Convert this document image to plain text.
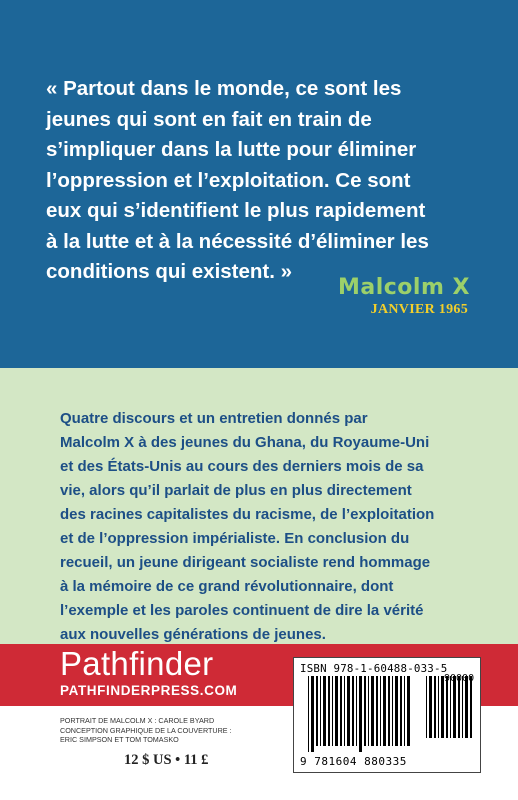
« Partout dans le monde, ce sont les
jeunes qui sont en fait en train de
s’impliquer dans la lutte pour éliminer
l’oppression et l’exploitation. Ce sont
eux qui s’identifient le plus rapidement
à la lutte et à la nécessité d’éliminer les
conditions qui existent. »

Malcolm X
JANVIER 1965

Quatre discours et un entretien donnés par
Malcolm X à des jeunes du Ghana, du Royaume-Uni
et des États-Unis au cours des derniers mois de sa
vie, alors qu’il parlait de plus en plus directement
des racines capitalistes du racisme, de l’exploitation
et de l’oppression impérialiste. En conclusion du
recueil, un jeune dirigeant socialiste rend hommage
à la mémoire de ce grand révolutionnaire, dont
l’exemple et les paroles continuent de dire la vérité
aux nouvelles générations de jeunes.

Pathfinder
PATHFINDERPRESS.COM

PORTRAIT DE MALCOLM X : CAROLE BYARD
CONCEPTION GRAPHIQUE DE LA COUVERTURE :
ERIC SIMPSON ET TOM TOMASKO

12 $ US • 11 £
ISBN 978-1-60488-033-5
90000
9 781604 880335
